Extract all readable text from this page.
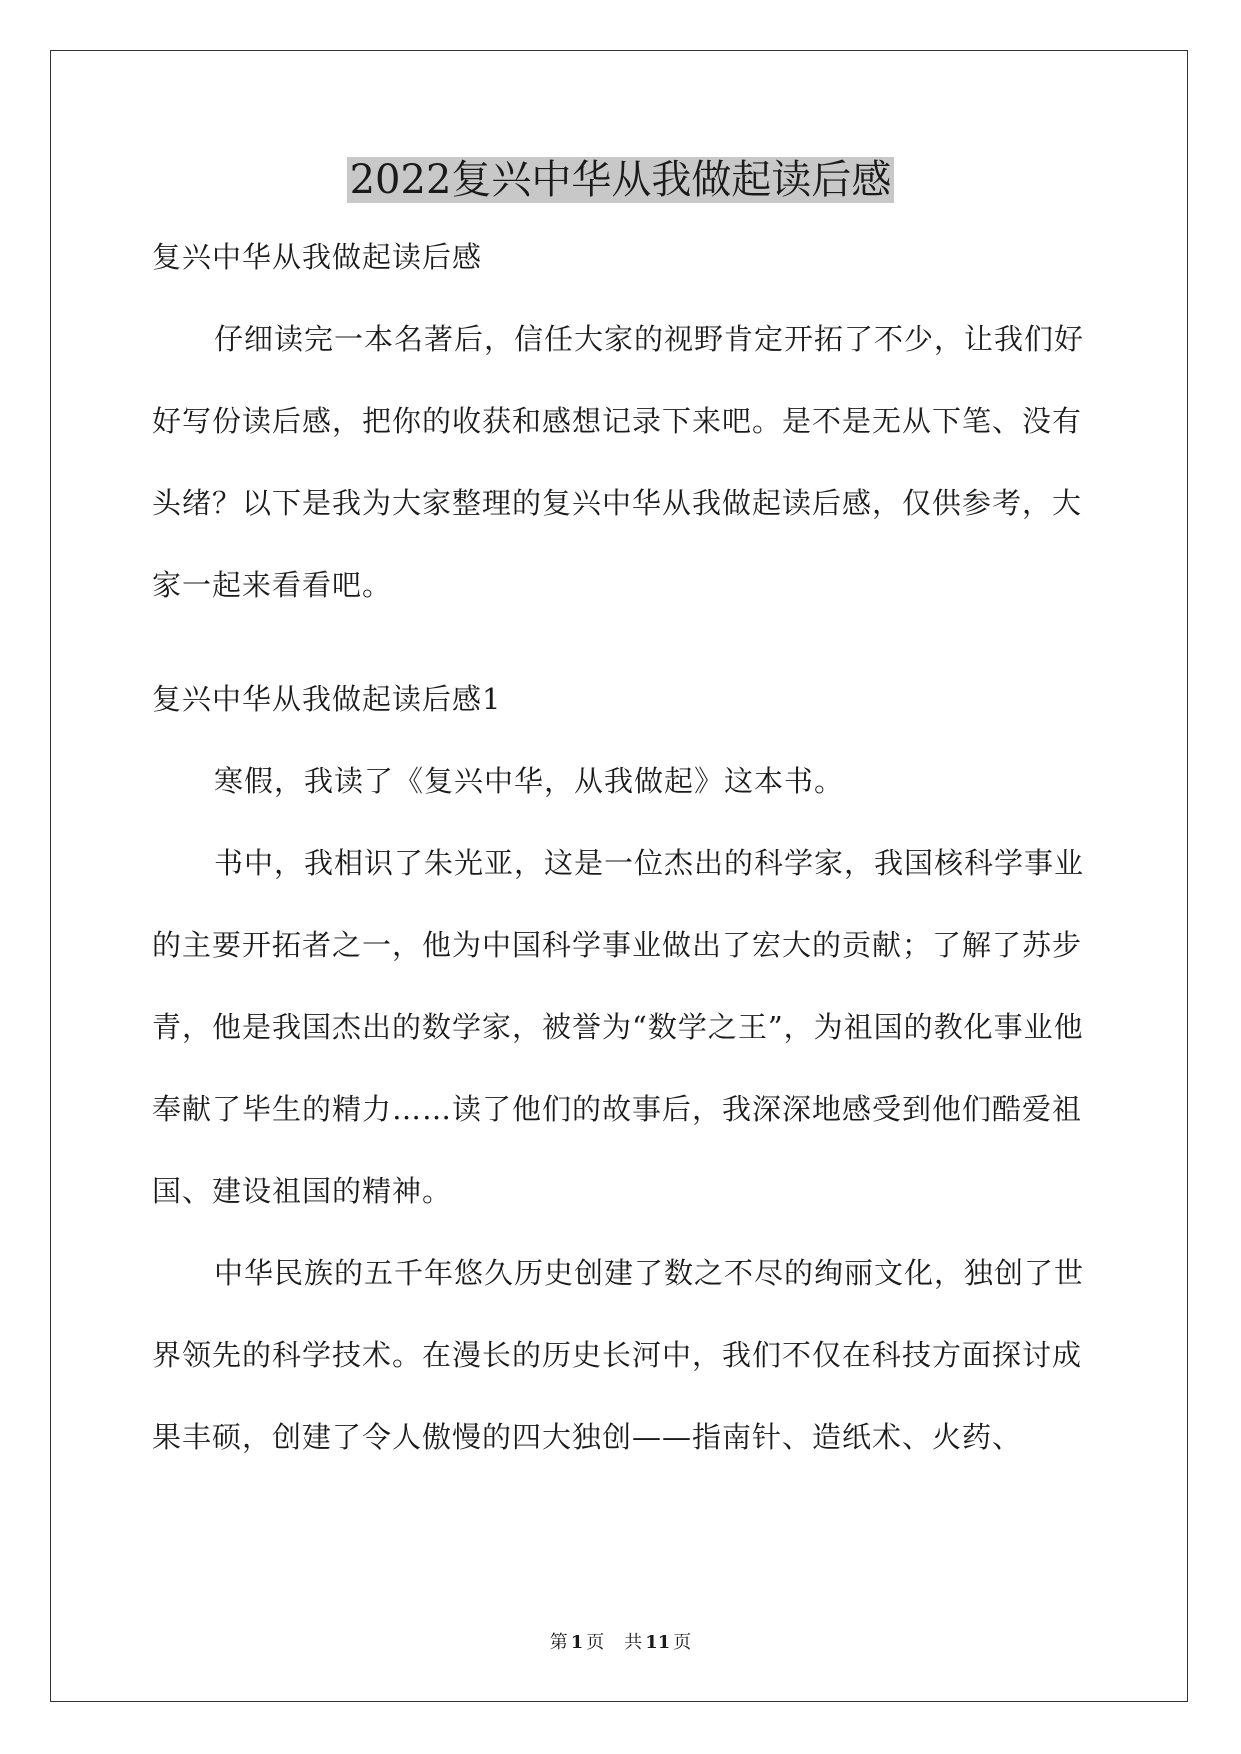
2022复兴中华从我做起读后感

复兴中华从我做起读后感

仔细读完一本名著后，信任大家的视野肯定开拓了不少，让我们好好写份读后感，把你的收获和感想记录下来吧。是不是无从下笔、没有头绪？以下是我为大家整理的复兴中华从我做起读后感，仅供参考，大家一起来看看吧。

复兴中华从我做起读后感1

寒假，我读了《复兴中华，从我做起》这本书。

书中，我相识了朱光亚，这是一位杰出的科学家，我国核科学事业的主要开拓者之一，他为中国科学事业做出了宏大的贡献；了解了苏步青，他是我国杰出的数学家，被誉为“数学之王”，为祖国的教化事业他奉献了毕生的精力……读了他们的故事后，我深深地感受到他们酷爱祖国、建设祖国的精神。

中华民族的五千年悠久历史创建了数之不尽的绚丽文化，独创了世界领先的科学技术。在漫长的历史长河中，我们不仅在科技方面探讨成果丰硕，创建了令人傲慢的四大独创——指南针、造纸术、火药、

第 1 页 共 11 页
